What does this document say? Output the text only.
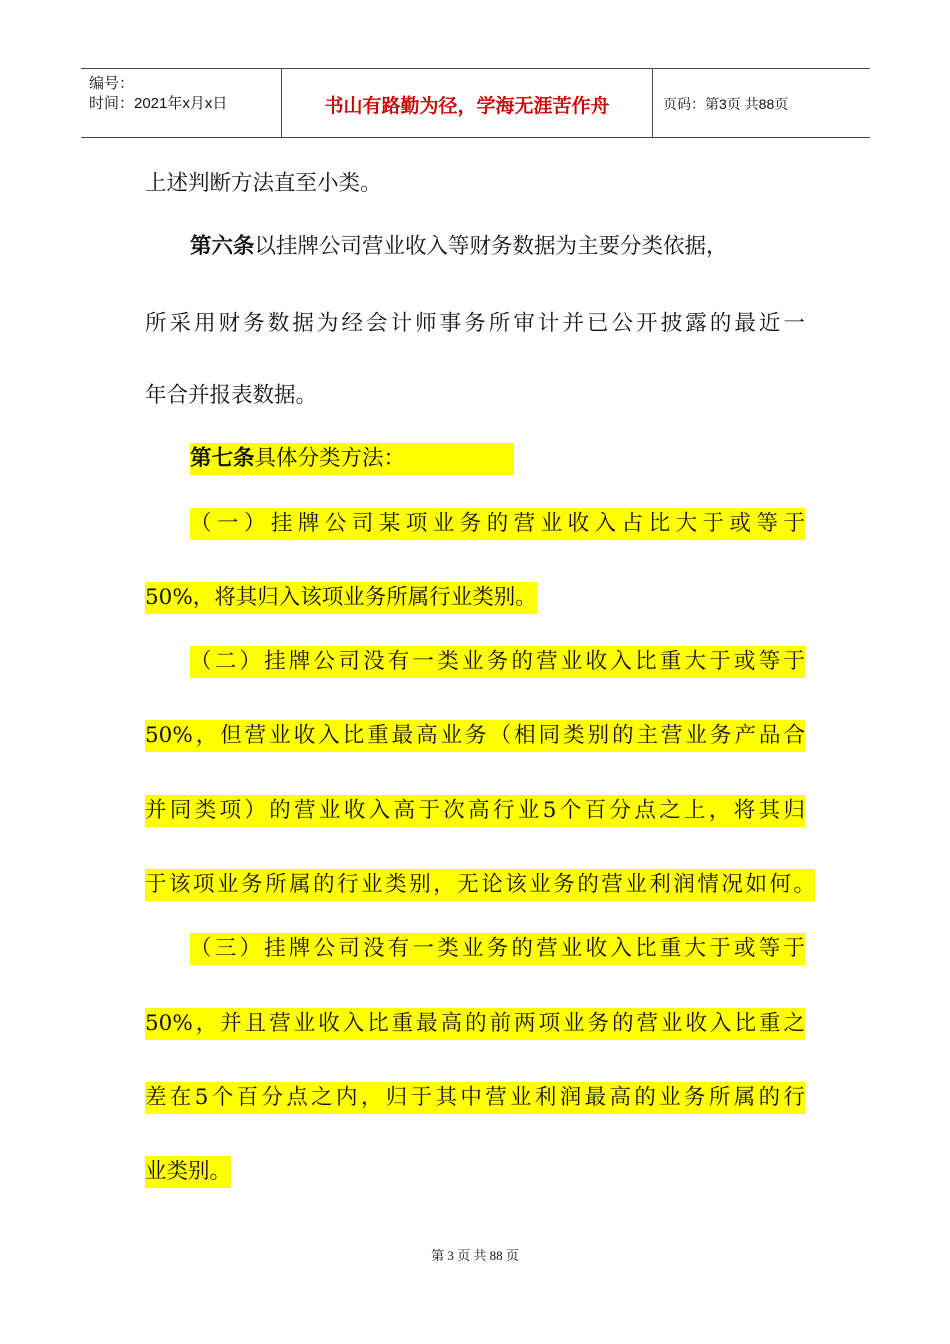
编号：
时间：2021年x月x日	书山有路勤为径，学海无涯苦作舟	页码：第3页 共88页
上述判断方法直至小类。
第六条以挂牌公司营业收入等财务数据为主要分类依据，
所采用财务数据为经会计师事务所审计并已公开披露的最近一
年合并报表数据。
第七条具体分类方法：
（一）挂牌公司某项业务的营业收入占比大于或等于
50%，将其归入该项业务所属行业类别。
（二）挂牌公司没有一类业务的营业收入比重大于或等于
50%，但营业收入比重最高业务（相同类别的主营业务产品合
并同类项）的营业收入高于次高行业5个百分点之上，将其归
于该项业务所属的行业类别，无论该业务的营业利润情况如何。
（三）挂牌公司没有一类业务的营业收入比重大于或等于
50%，并且营业收入比重最高的前两项业务的营业收入比重之
差在5个百分点之内，归于其中营业利润最高的业务所属的行
业类别。
第 3 页 共 88 页
